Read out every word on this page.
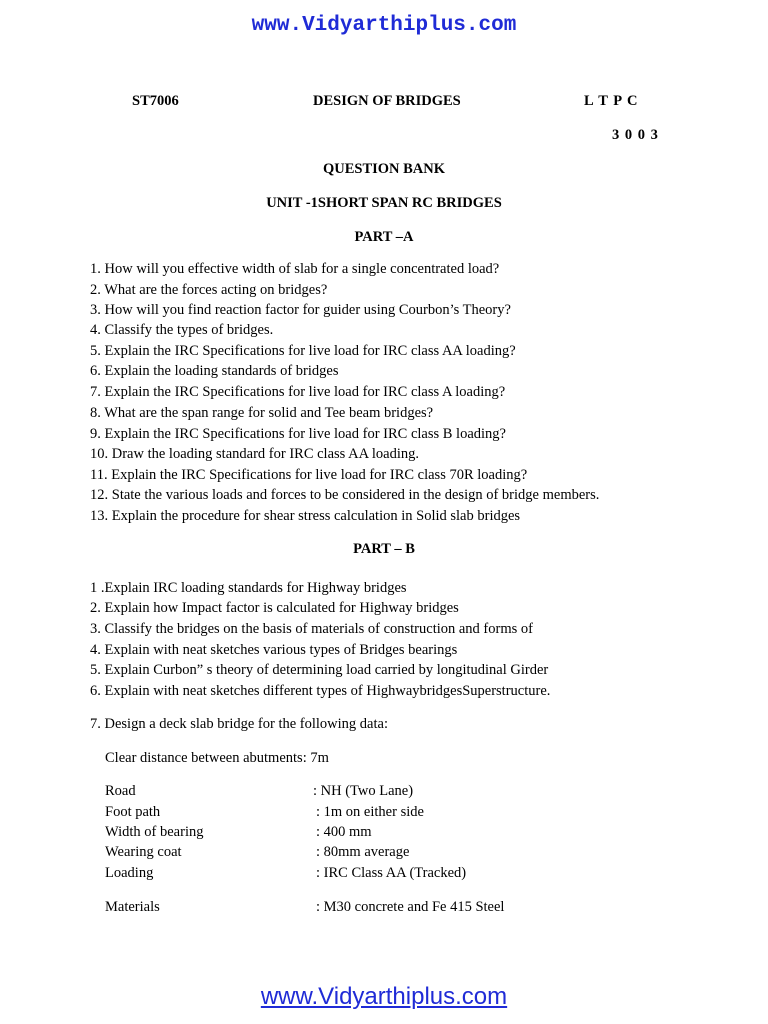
www.Vidyarthiplus.com
ST7006	DESIGN OF BRIDGES	L T P C
3 0 0 3
QUESTION BANK
UNIT -1SHORT SPAN RC BRIDGES
PART –A
1. How will you effective width of slab for a single concentrated load?
2. What are the forces acting on bridges?
3. How will you find reaction factor for guider using Courbon’s Theory?
4. Classify the types of bridges.
5. Explain the IRC Specifications for live load for IRC class AA loading?
6. Explain the loading standards of bridges
7. Explain the IRC Specifications for live load for IRC class A loading?
8. What are the span range for solid and Tee beam bridges?
9. Explain the IRC Specifications for live load for IRC class B loading?
10. Draw the loading standard for IRC class AA loading.
11. Explain the IRC Specifications for live load for IRC class 70R loading?
12. State the various loads and forces to be considered in the design of bridge members.
13. Explain the procedure for shear stress calculation in Solid slab bridges
PART – B
1 .Explain IRC loading standards for Highway bridges
2. Explain how Impact factor is calculated for Highway bridges
3. Classify the bridges on the basis of materials of construction and forms of
4. Explain with neat sketches various types of Bridges bearings
5. Explain Curbon” s theory of determining load carried by longitudinal Girder
6. Explain with neat sketches different types of HighwaybridgesSuperstructure.
7. Design a deck slab bridge for the following data:
Clear distance between abutments: 7m
Road	: NH (Two Lane)
Foot path	: 1m on either side
Width of bearing	: 400 mm
Wearing coat	: 80mm average
Loading	: IRC Class AA (Tracked)
Materials	: M30 concrete and Fe 415 Steel
www.Vidyarthiplus.com
